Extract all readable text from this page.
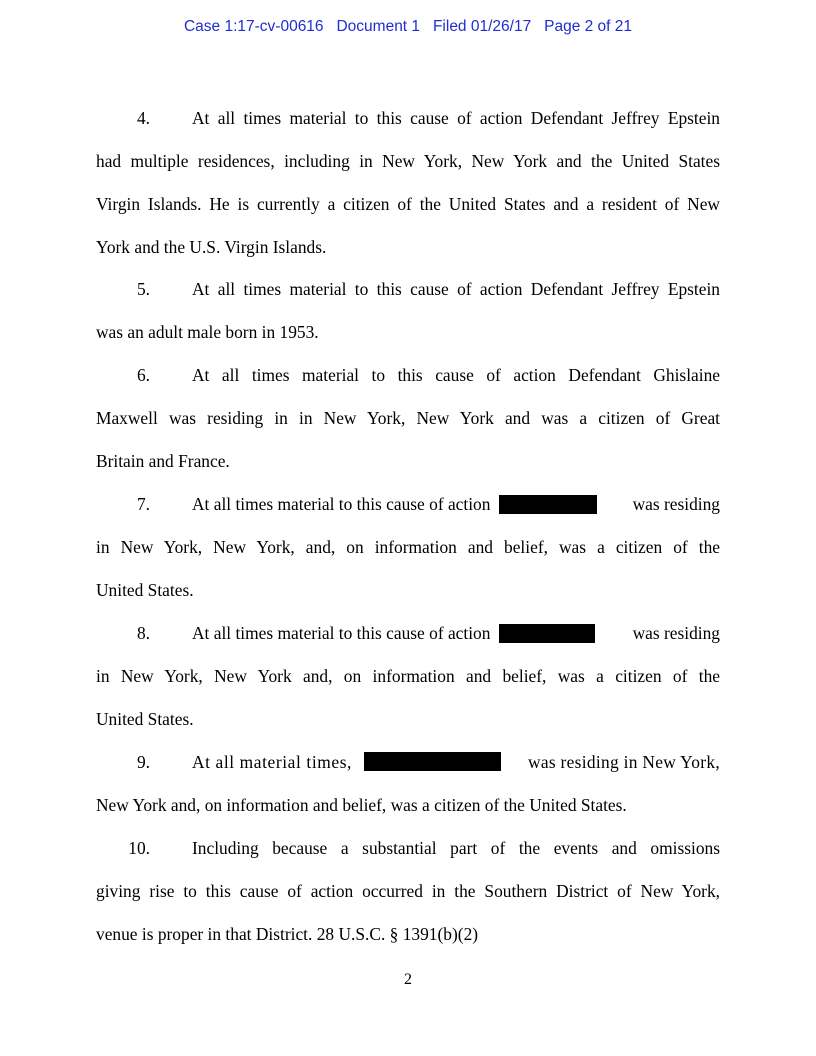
Case 1:17-cv-00616   Document 1   Filed 01/26/17   Page 2 of 21
4. At all times material to this cause of action Defendant Jeffrey Epstein
had multiple residences, including in New York, New York and the United States
Virgin Islands. He is currently a citizen of the United States and a resident of New
York and the U.S. Virgin Islands.
5. At all times material to this cause of action Defendant Jeffrey Epstein
was an adult male born in 1953.
6. At all times material to this cause of action Defendant Ghislaine
Maxwell was residing in in New York, New York and was a citizen of Great
Britain and France.
7. At all times material to this cause of action	was residing
in New York, New York, and, on information and belief, was a citizen of the
United States.
8. At all times material to this cause of action	was residing
in New York, New York and, on information and belief, was a citizen of the
United States.
9. At all material times,	was residing in New York,
New York and, on information and belief, was a citizen of the United States.
10. Including because a substantial part of the events and omissions
giving rise to this cause of action occurred in the Southern District of New York,
venue is proper in that District. 28 U.S.C. § 1391(b)(2)
2
